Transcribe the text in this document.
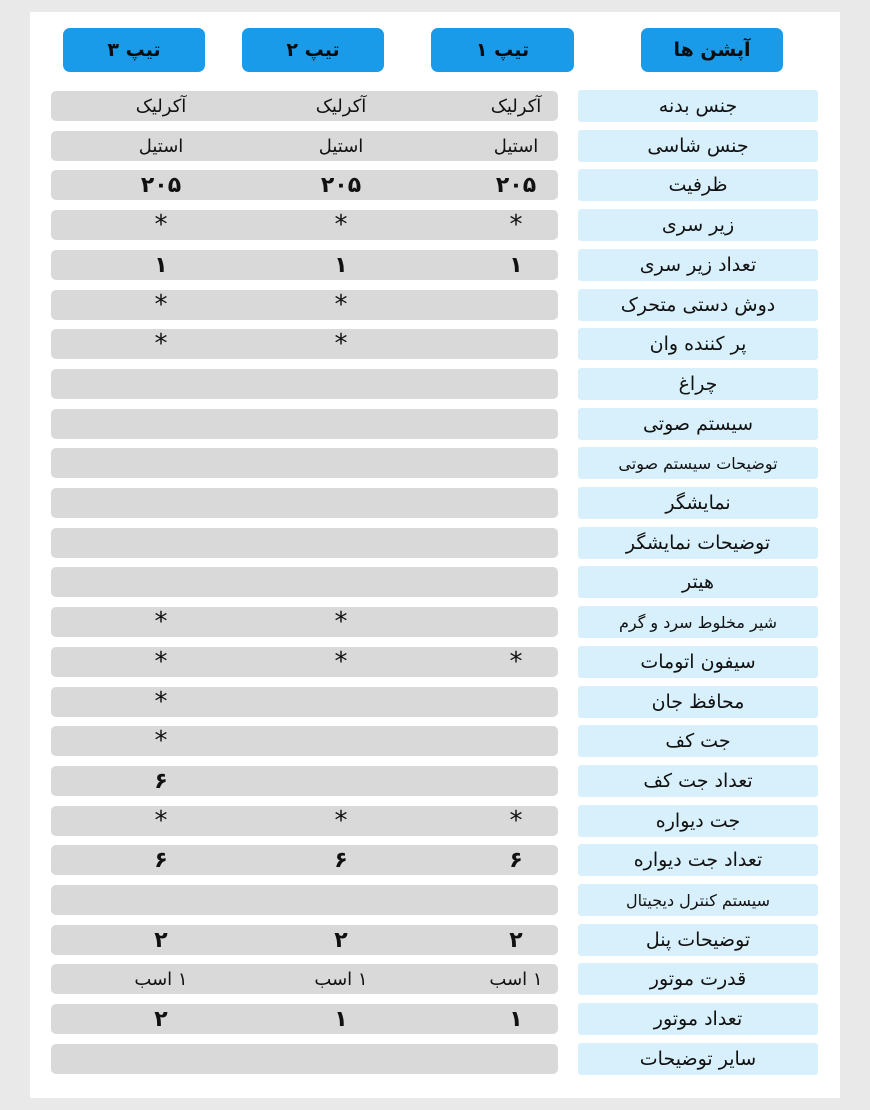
آپشن ها
تیپ ۱
تیپ ۲
تیپ ۳
جنس بدنه
آکرلیک
آکرلیک
آکرلیک
جنس شاسی
استیل
استیل
استیل
ظرفیت
۲۰۵
۲۰۵
۲۰۵
زیر سری
*
*
*
تعداد زیر سری
۱
۱
۱
دوش دستی متحرک
*
*
پر کننده وان
*
*
چراغ
سیستم صوتی
توضیحات سیستم صوتی
نمایشگر
توضیحات نمایشگر
هیتر
شیر مخلوط سرد و گرم
*
*
سیفون اتومات
*
*
*
محافظ جان
*
جت کف
*
تعداد جت کف
۶
جت دیواره
*
*
*
تعداد جت دیواره
۶
۶
۶
سیستم کنترل دیجیتال
توضیحات پنل
۲
۲
۲
قدرت موتور
۱ اسب
۱ اسب
۱ اسب
تعداد موتور
۱
۱
۲
سایر توضیحات
